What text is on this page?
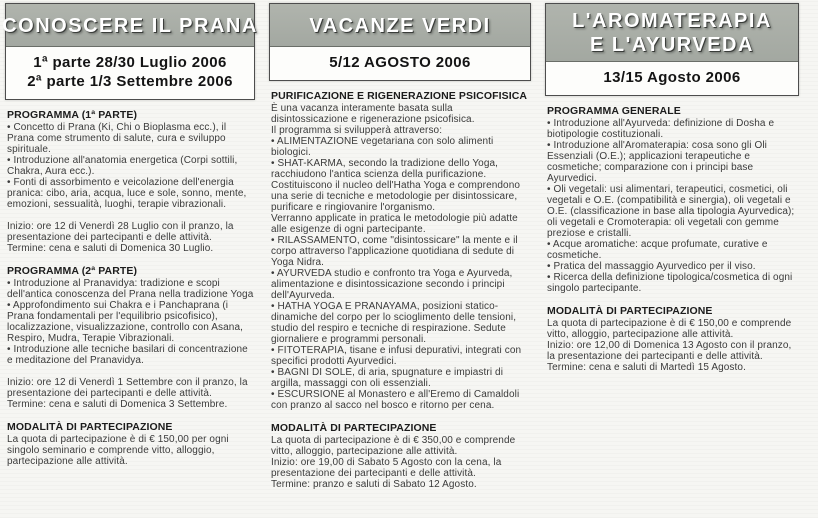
CONOSCERE IL PRANA
1ª parte 28/30 Luglio 2006
2ª parte 1/3 Settembre 2006
PROGRAMMA (1ª PARTE)
• Concetto di Prana (Ki, Chi o Bioplasma ecc.), il Prana come strumento di salute, cura e sviluppo spirituale.
• Introduzione all'anatomia energetica (Corpi sottili, Chakra, Aura ecc.).
• Fonti di assorbimento e veicolazione dell'energia pranica: cibo, aria, acqua, luce e sole, sonno, mente, emozioni, sessualità, luoghi, terapie vibrazionali.
Inizio: ore 12 di Venerdì 28 Luglio con il pranzo, la presentazione dei partecipanti e delle attività.
Termine: cena e saluti di Domenica 30 Luglio.
PROGRAMMA (2ª PARTE)
• Introduzione al Pranavidya: tradizione e scopi dell'antica conoscenza del Prana nella tradizione Yoga
• Approfondimento sui Chakra e i Panchaprana (i Prana fondamentali per l'equilibrio psicofisico), localizzazione, visualizzazione, controllo con Asana, Respiro, Mudra, Terapie Vibrazionali.
• Introduzione alle tecniche basilari di concentrazione e meditazione del Pranavidya.
Inizio: ore 12 di Venerdì 1 Settembre con il pranzo, la presentazione dei partecipanti e delle attività.
Termine: cena e saluti di Domenica 3 Settembre.
MODALITÀ DI PARTECIPAZIONE
La quota di partecipazione è di € 150,00 per ogni singolo seminario e comprende vitto, alloggio, partecipazione alle attività.
VACANZE VERDI
5/12 AGOSTO 2006
PURIFICAZIONE E RIGENERAZIONE PSICOFISICA
È una vacanza interamente basata sulla disintossicazione e rigenerazione psicofisica.
Il programma si svilupperà attraverso:
• ALIMENTAZIONE vegetariana con solo alimenti biologici.
• SHAT-KARMA, secondo la tradizione dello Yoga, racchiudono l'antica scienza della purificazione. Costituiscono il nucleo dell'Hatha Yoga e comprendono una serie di tecniche e metodologie per disintossicare, purificare e ringiovanire l'organismo.
Verranno applicate in pratica le metodologie più adatte alle esigenze di ogni partecipante.
• RILASSAMENTO, come "disintossicare" la mente e il corpo attraverso l'applicazione quotidiana di sedute di Yoga Nidra.
• AYURVEDA studio e confronto tra Yoga e Ayurveda, alimentazione e disintossicazione secondo i principi dell'Ayurveda.
• HATHA YOGA E PRANAYAMA, posizioni statico-dinamiche del corpo per lo scioglimento delle tensioni, studio del respiro e tecniche di respirazione. Sedute giornaliere e programmi personali.
• FITOTERAPIA, tisane e infusi depurativi, integrati con specifici prodotti Ayurvedici.
• BAGNI DI SOLE, di aria, spugnature e impiastri di argilla, massaggi con oli essenziali.
• ESCURSIONE al Monastero e all'Eremo di Camaldoli con pranzo al sacco nel bosco e ritorno per cena.
MODALITÀ DI PARTECIPAZIONE
La quota di partecipazione è di € 350,00 e comprende vitto, alloggio, partecipazione alle attività.
Inizio: ore 19,00 di Sabato 5 Agosto con la cena, la presentazione dei partecipanti e delle attività.
Termine: pranzo e saluti di Sabato 12 Agosto.
L'AROMATERAPIA
E L'AYURVEDA
13/15 Agosto 2006
PROGRAMMA GENERALE
• Introduzione all'Ayurveda: definizione di Dosha e biotipologie costituzionali.
• Introduzione all'Aromaterapia: cosa sono gli Oli Essenziali (O.E.); applicazioni terapeutiche e cosmetiche; comparazione con i principi base Ayurvedici.
• Oli vegetali: usi alimentari, terapeutici, cosmetici, oli vegetali e O.E. (compatibilità e sinergia), oli vegetali e O.E. (classificazione in base alla tipologia Ayurvedica); oli vegetali e Cromoterapia: oli vegetali con gemme preziose e cristalli.
• Acque aromatiche: acque profumate, curative e cosmetiche.
• Pratica del massaggio Ayurvedico per il viso.
• Ricerca della definizione tipologica/cosmetica di ogni singolo partecipante.
MODALITÀ DI PARTECIPAZIONE
La quota di partecipazione è di € 150,00 e comprende vitto, alloggio, partecipazione alle attività.
Inizio: ore 12,00 di Domenica 13 Agosto con il pranzo, la presentazione dei partecipanti e delle attività.
Termine: cena e saluti di Martedì 15 Agosto.
